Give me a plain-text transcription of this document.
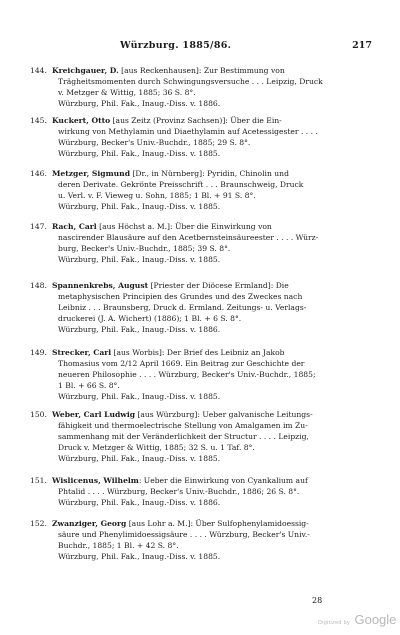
Würzburg. 1885/86.	217
144. Kreichgauer, D. [aus Reckenhausen]: Zur Bestimmung von
Trägheitsmomenten durch Schwingungsversuche . . . Leipzig, Druck
v. Metzger & Wittig, 1885; 36 S. 8°.
Würzburg, Phil. Fak., Inaug.-Diss. v. 1886.
145. Kuckert, Otto [aus Zeitz (Provinz Sachsen)]: Über die Ein-
wirkung von Methylamin und Diaethylamin auf Acetessigester . . . .
Würzburg, Becker's Univ.-Buchdr., 1885; 29 S. 8°.
Würzburg, Phil. Fak., Inaug.-Diss. v. 1885.
146. Metzger, Sigmund [Dr., in Nürnberg]: Pyridin, Chinolin und
deren Derivate. Gekrönte Preisschrift . . . Braunschweig, Druck
u. Verl. v. F. Vieweg u. Sohn, 1885; 1 Bl. + 91 S. 8°.
Würzburg, Phil. Fak., Inaug.-Diss. v. 1885.
147. Rach, Carl [aus Höchst a. M.]: Über die Einwirkung von
nascirender Blausäure auf den Acetbernsteinsäureester . . . . Würz-
burg, Becker's Univ.-Buchdr., 1885; 39 S. 8°.
Würzburg, Phil. Fak., Inaug.-Diss. v. 1885.
148. Spannenkrebs, August [Priester der Diöcese Ermland]: Die
metaphysischen Principien des Grundes und des Zweckes nach
Leibniz . . . Braunsberg, Druck d. Ermland. Zeitungs- u. Verlags-
druckerei (J. A. Wichert) (1886); 1 Bl. + 6 S. 8°.
Würzburg, Phil. Fak., Inaug.-Diss. v. 1886.
149. Strecker, Carl [aus Worbis]: Der Brief des Leibniz an Jakob
Thomasius vom 2/12 April 1669. Ein Beitrag zur Geschichte der
neueren Philosophie . . . . Würzburg, Becker's Univ.-Buchdr., 1885;
1 Bl. + 66 S. 8°.
Würzburg, Phil. Fak., Inaug.-Diss. v. 1885.
150. Weber, Carl Ludwig [aus Würzburg]: Ueber galvanische Leitungs-
fähigkeit und thermoelectrische Stellung von Amalgamen im Zu-
sammenhang mit der Veränderlichkeit der Structur . . . . Leipzig,
Druck v. Metzger & Wittig, 1885; 32 S. u. 1 Taf. 8°.
Würzburg, Phil. Fak., Inaug.-Diss. v. 1885.
151. Wislicenus, Wilhelm: Ueber die Einwirkung von Cyankalium auf
Phtalid . . . . Würzburg, Becker's Univ.-Buchdr., 1886; 26 S. 8°.
Würzburg, Phil. Fak., Inaug.-Diss. v. 1886.
152. Zwanziger, Georg [aus Lohr a. M.]: Über Sulfophenylamidoessig-
säure und Phenylimidoessigsäure . . . . Würzburg, Becker's Univ.-
Buchdr., 1885; 1 Bl. + 42 S. 8°.
Würzburg, Phil. Fak., Inaug.-Diss. v. 1885.
28
Digitized by Google
